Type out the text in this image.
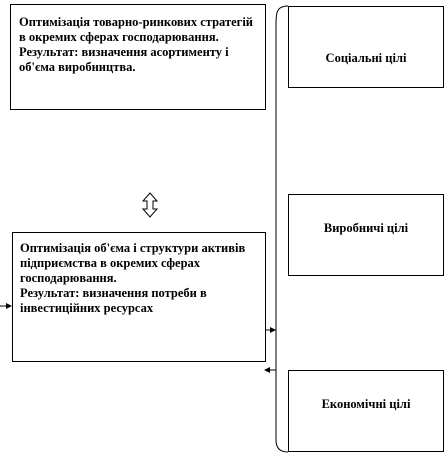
Оптимізація товарно-ринкових стратегій в окремих сферах господарювання. Результат: визначення асортименту і об'єма виробництва.
Оптимізація об'єма і структури активів підприємства в окремих сферах господарювання.
Результат: визначення потреби в інвестиційних ресурсах
Соціальні цілі
Виробничі цілі
Економічні цілі
